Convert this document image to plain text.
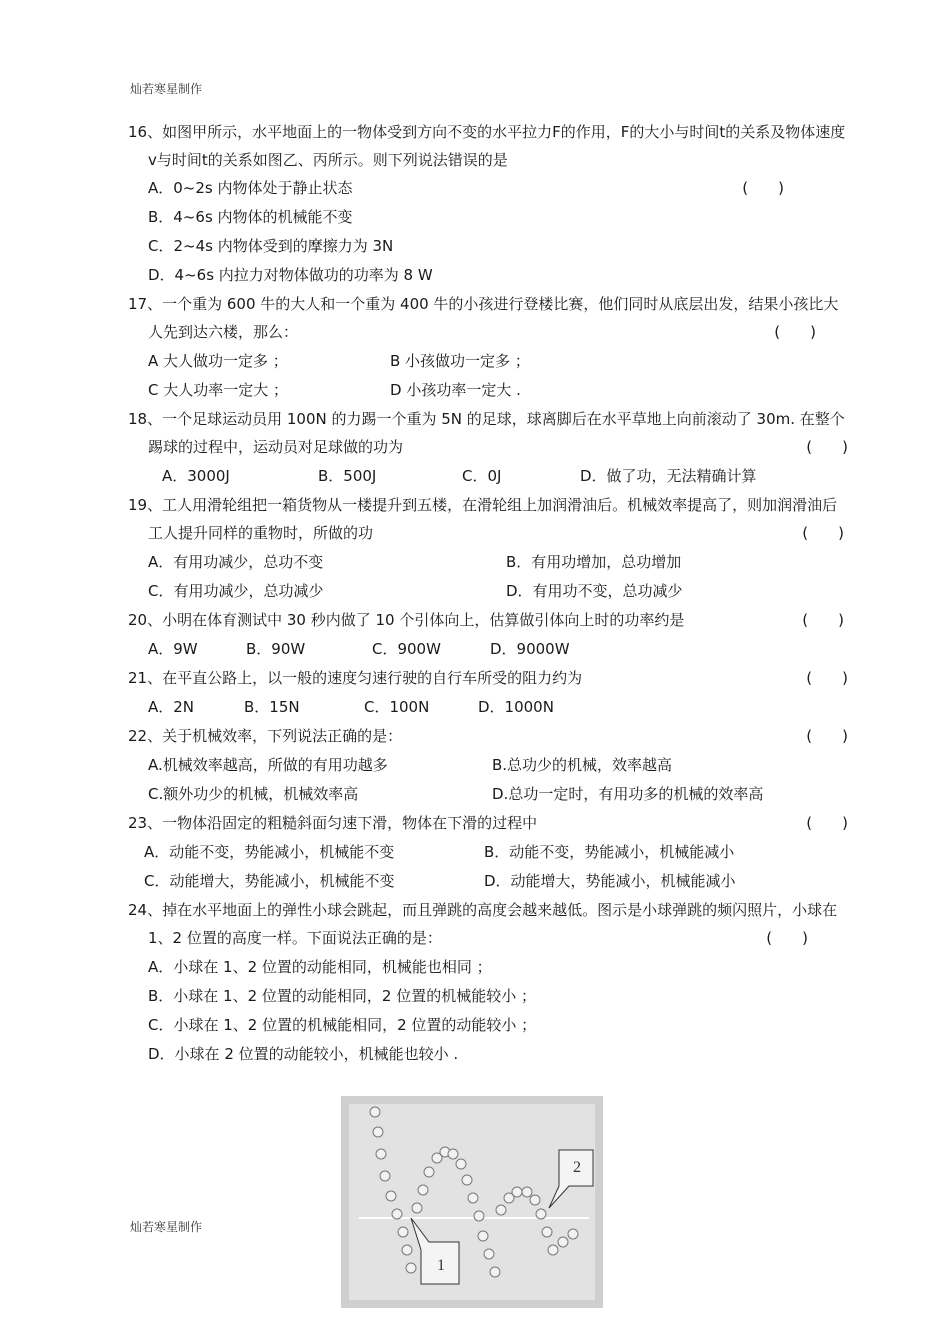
灿若寒星制作

16、如图甲所示，水平地面上的一物体受到方向不变的水平拉力F的作用，F的大小与时间t的关系及物体速度v与时间t的关系如图乙、丙所示。则下列说法错误的是

A．0~2s 内物体处于静止状态	(　　)
B．4~6s 内物体的机械能不变
C．2~4s 内物体受到的摩擦力为 3N
D．4~6s 内拉力对物体做功的功率为 8 W

17、一个重为 600 牛的大人和一个重为 400 牛的小孩进行登楼比赛，他们同时从底层出发，结果小孩比大人先到达六楼，那么：	(　　)
A 大人做功一定多 ；	B 小孩做功一定多 ；
C 大人功率一定大 ；	D 小孩功率一定大 .

18、一个足球运动员用 100N 的力踢一个重为 5N 的足球，球离脚后在水平草地上向前滚动了 30m. 在整个踢球的过程中，运动员对足球做的功为	(　　)
A．3000J	B．500J	C．0J	D．做了功，无法精确计算

19、工人用滑轮组把一箱货物从一楼提升到五楼，在滑轮组上加润滑油后。机械效率提高了，则加润滑油后工人提升同样的重物时，所做的功	(　　)
A．有用功减少，总功不变	B．有用功增加，总功增加
C．有用功减少，总功减少	D．有用功不变，总功减少
20、小明在体育测试中 30 秒内做了 10 个引体向上，估算做引体向上时的功率约是	(　　)
A．9W	B．90W	C．900W	D．9000W
21、在平直公路上，以一般的速度匀速行驶的自行车所受的阻力约为	(　　)
A．2N	B．15N	C．100N	D．1000N
22、关于机械效率，下列说法正确的是：	(　　)
A.机械效率越高，所做的有用功越多	B.总功少的机械，效率越高
C.额外功少的机械，机械效率高	D.总功一定时，有用功多的机械的效率高
23、一物体沿固定的粗糙斜面匀速下滑，物体在下滑的过程中	(　　)
A．动能不变，势能减小，机械能不变	B．动能不变，势能减小，机械能减小
C．动能增大，势能减小，机械能不变	D．动能增大，势能减小，机械能减小

24、掉在水平地面上的弹性小球会跳起，而且弹跳的高度会越来越低。图示是小球弹跳的频闪照片，小球在 1、2 位置的高度一样。下面说法正确的是：	(　　)
A．小球在 1、2 位置的动能相同，机械能也相同 ；
B．小球在 1、2 位置的动能相同，2 位置的机械能较小 ；
C．小球在 1、2 位置的机械能相同，2 位置的动能较小 ；
D．小球在 2 位置的动能较小，机械能也较小 .
1
2
灿若寒星制作
